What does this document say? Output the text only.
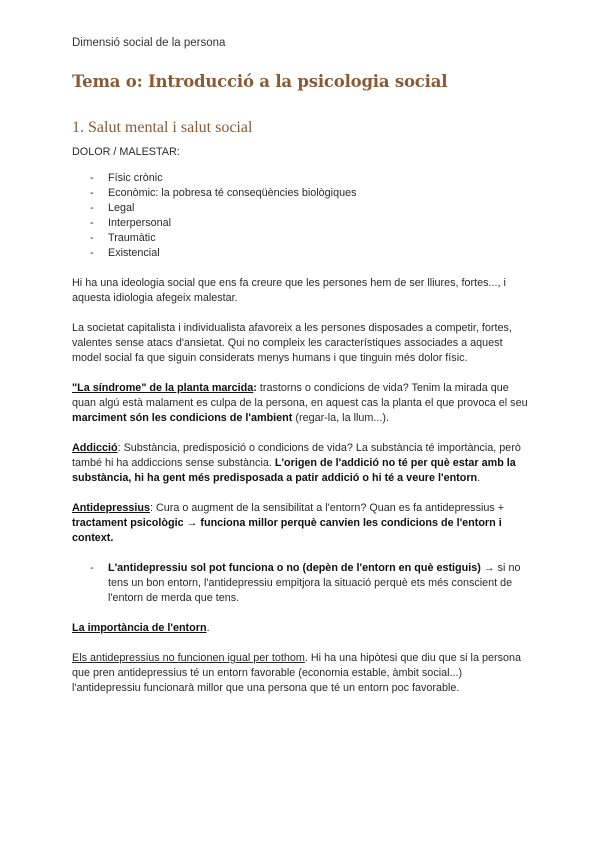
Dimensió social de la persona
Tema o: Introducció a la psicologia social
1. Salut mental i salut social

DOLOR / MALESTAR:

- Físic crònic
- Econòmic: la pobresa té conseqüències biològiques
- Legal
- Interpersonal
- Traumàtic
- Existencial

Hi ha una ideologia social que ens fa creure que les persones hem de ser lliures, fortes..., i aquesta idiologia afegeix malestar.

La societat capitalista i individualista afavoreix a les persones disposades a competir, fortes, valentes sense atacs d'ansietat. Qui no compleix les característiques associades a aquest model social fa que siguin considerats menys humans i que tinguin més dolor físic.

"La síndrome" de la planta marcida: trastorns o condicions de vida? Tenim la mirada que quan algú està malament es culpa de la persona, en aquest cas la planta el que provoca el seu marciment són les condicions de l'ambient (regar-la, la llum...).

Addicció: Substància, predisposició o condicions de vida? La substància té importància, però també hi ha addiccions sense substància. L'origen de l'addició no té per què estar amb la substància, hi ha gent més predisposada a patir addició o hi té a veure l'entorn.

Antidepressius: Cura o augment de la sensibilitat a l'entorn? Quan es fa antidepressius + tractament psicològic → funciona millor perquè canvien les condicions de l'entorn i context.

- L'antidepressiu sol pot funciona o no (depèn de l'entorn en què estiguis) → si no tens un bon entorn, l'antidepressiu empitjora la situació perquè ets més conscient de l'entorn de merda que tens.

La importància de l'entorn.

Els antidepressius no funcionen igual per tothom. Hi ha una hipòtesi que diu que si la persona que pren antidepressius té un entorn favorable (economia estable, àmbit social...) l'antidepressiu funcionarà millor que una persona que té un entorn poc favorable.
